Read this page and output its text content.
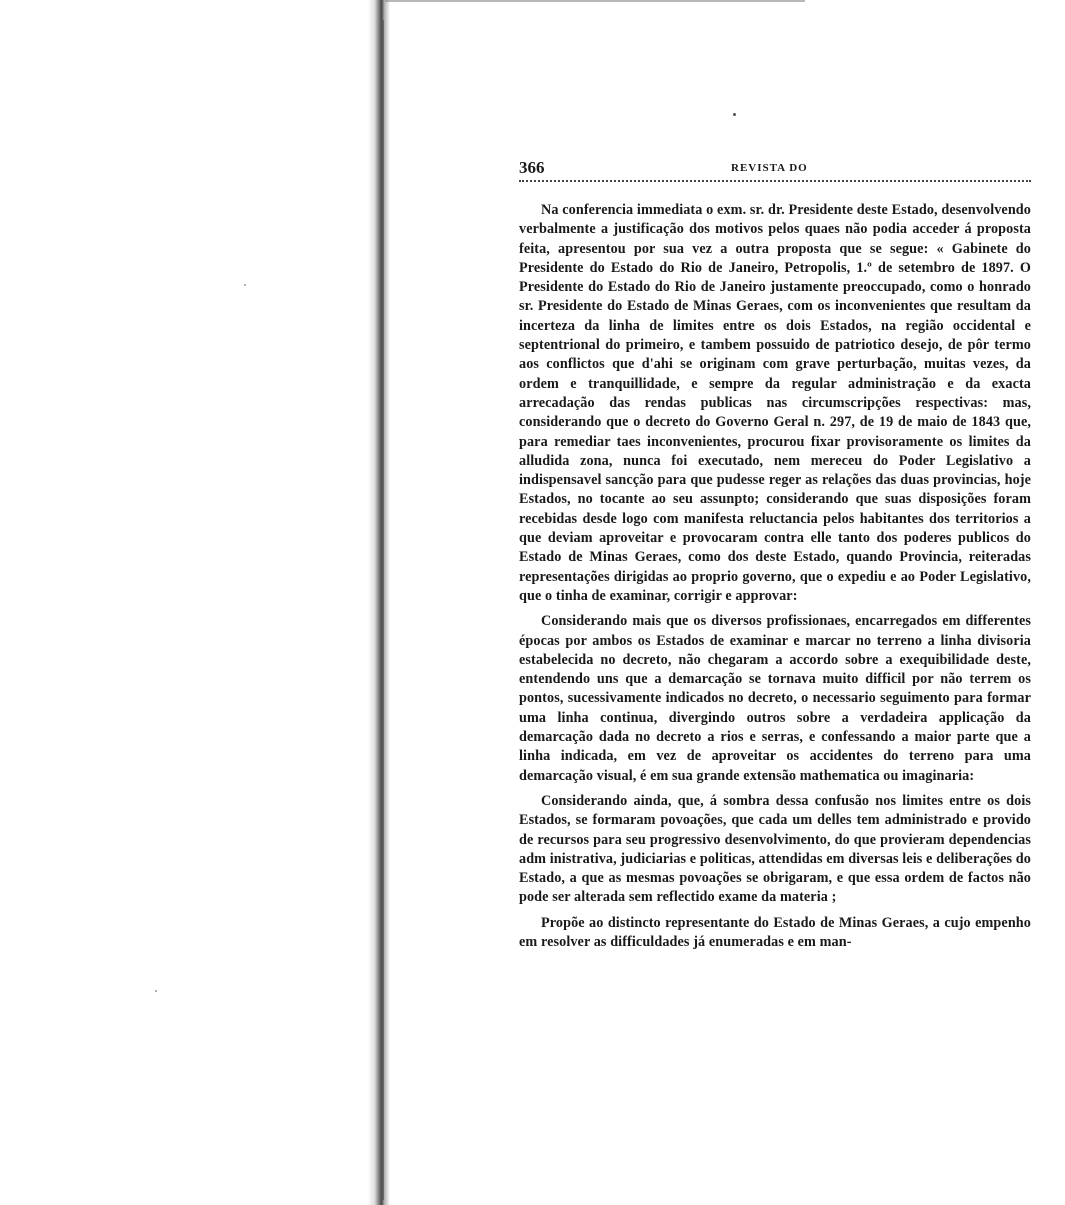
366	REVISTA DO

Na conferencia immediata o exm. sr. dr. Presidente deste Estado, desenvolvendo verbalmente a justificação dos motivos pelos quaes não podia acceder á proposta feita, apresentou por sua vez a outra proposta que se segue: « Gabinete do Presidente do Estado do Rio de Janeiro, Petropolis, 1.º de setembro de 1897. O Presidente do Estado do Rio de Janeiro justamente preoccupado, como o honrado sr. Presidente do Estado de Minas Geraes, com os inconvenientes que resultam da incerteza da linha de limites entre os dois Estados, na região occidental e septentrional do primeiro, e tambem possuido de patriotico desejo, de pôr termo aos conflictos que d'ahi se originam com grave perturbação, muitas vezes, da ordem e tranquillidade, e sempre da regular administração e da exacta arrecadação das rendas publicas nas circumscripções respectivas: mas, considerando que o decreto do Governo Geral n. 297, de 19 de maio de 1843 que, para remediar taes inconvenientes, procurou fixar provisoramente os limites da alludida zona, nunca foi executado, nem mereceu do Poder Legislativo a indispensavel sancção para que pudesse reger as relações das duas provincias, hoje Estados, no tocante ao seu assunpto; considerando que suas disposições foram recebidas desde logo com manifesta reluctancia pelos habitantes dos territorios a que deviam aproveitar e provocaram contra elle tanto dos poderes publicos do Estado de Minas Geraes, como dos deste Estado, quando Provincia, reiteradas representações dirigidas ao proprio governo, que o expediu e ao Poder Legislativo, que o tinha de examinar, corrigir e approvar:

Considerando mais que os diversos profissionaes, encarregados em differentes épocas por ambos os Estados de examinar e marcar no terreno a linha divisoria estabelecida no decreto, não chegaram a accordo sobre a exequibilidade deste, entendendo uns que a demarcação se tornava muito difficil por não terrem os pontos, sucessivamente indicados no decreto, o necessario seguimento para formar uma linha continua, divergindo outros sobre a verdadeira applicação da demarcação dada no decreto a rios e serras, e confessando a maior parte que a linha indicada, em vez de aproveitar os accidentes do terreno para uma demarcação visual, é em sua grande extensão mathematica ou imaginaria:

Considerando ainda, que, á sombra dessa confusão nos limites entre os dois Estados, se formaram povoações, que cada um delles tem administrado e provido de recursos para seu progressivo desenvolvimento, do que provieram dependencias adm inistrativa, judiciarias e politicas, attendidas em diversas leis e deliberações do Estado, a que as mesmas povoações se obrigaram, e que essa ordem de factos não pode ser alterada sem reflectido exame da materia ;

Propõe ao distincto representante do Estado de Minas Geraes, a cujo empenho em resolver as difficuldades já enumeradas e em man-
